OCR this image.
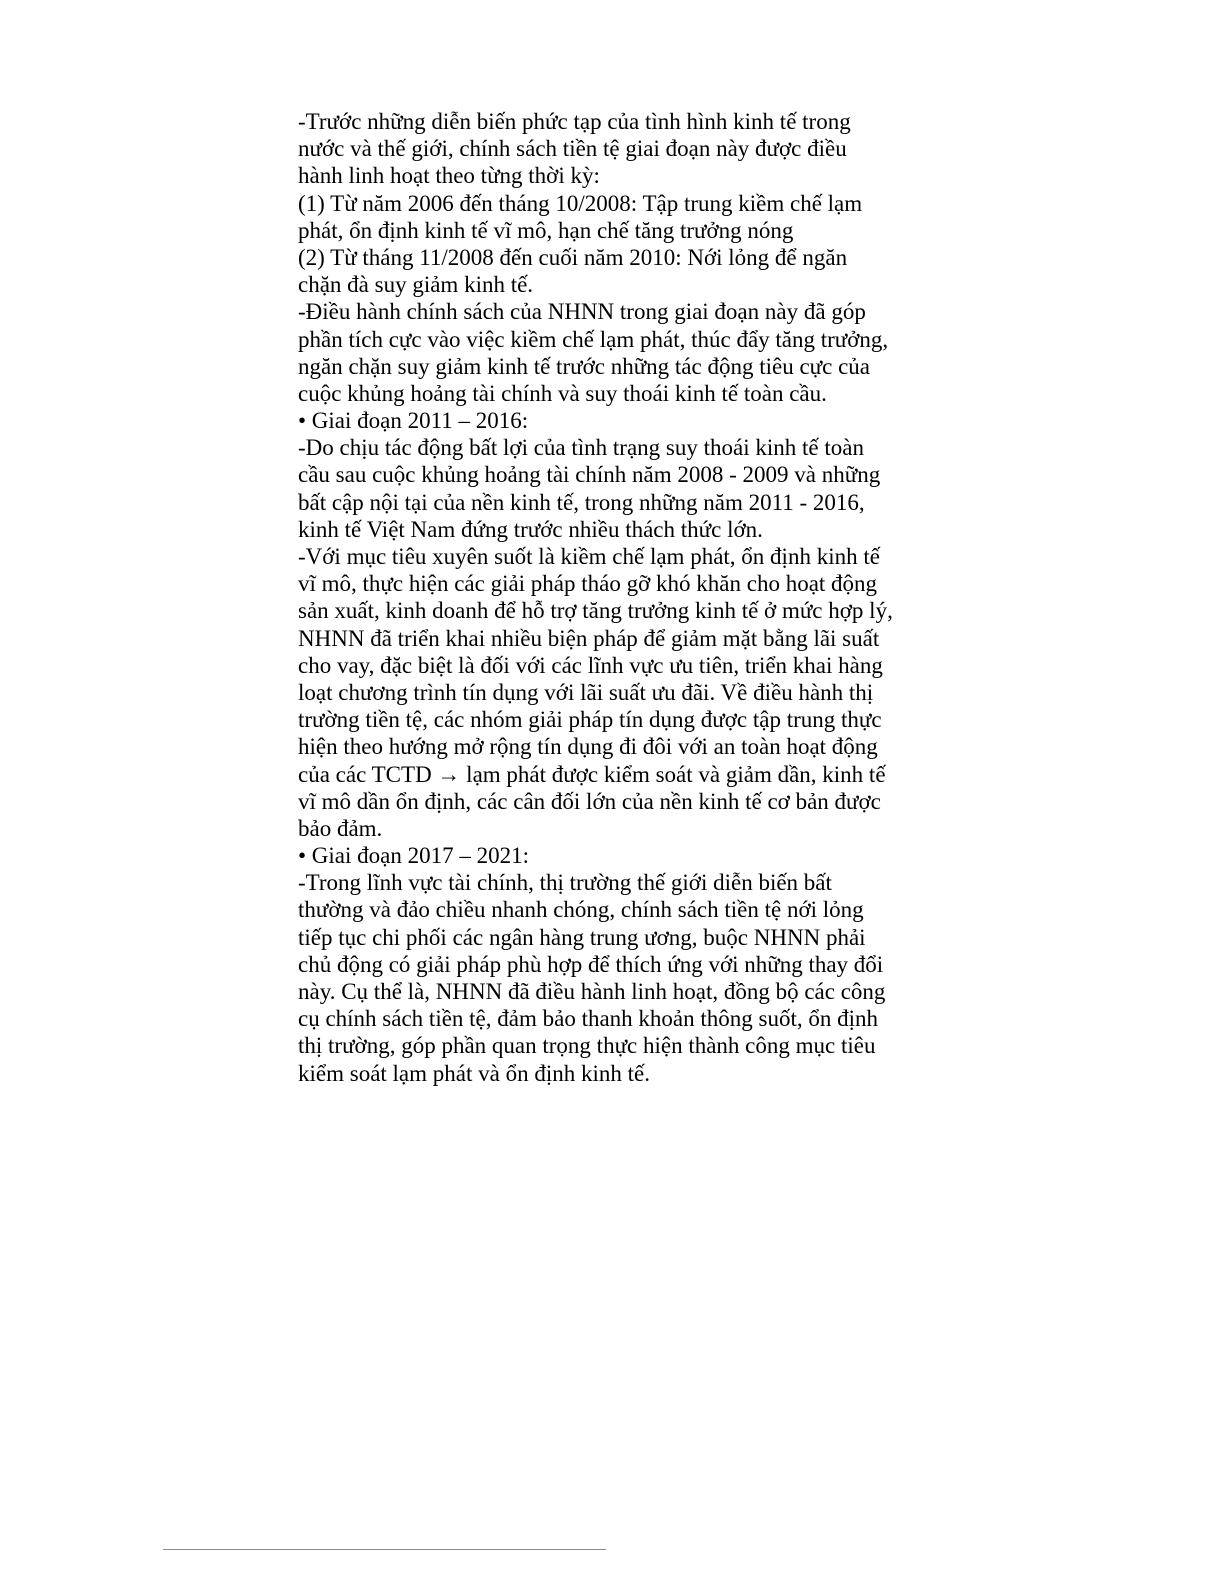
-Trước những diễn biến phức tạp của tình hình kinh tế trong
nước và thế giới, chính sách tiền tệ giai đoạn này được điều
hành linh hoạt theo từng thời kỳ:
(1) Từ năm 2006 đến tháng 10/2008: Tập trung kiềm chế lạm
phát, ổn định kinh tế vĩ mô, hạn chế tăng trưởng nóng
(2) Từ tháng 11/2008 đến cuối năm 2010: Nới lỏng để ngăn
chặn đà suy giảm kinh tế.
-Điều hành chính sách của NHNN trong giai đoạn này đã góp
phần tích cực vào việc kiềm chế lạm phát, thúc đẩy tăng trưởng,
ngăn chặn suy giảm kinh tế trước những tác động tiêu cực của
cuộc khủng hoảng tài chính và suy thoái kinh tế toàn cầu.
• Giai đoạn 2011 – 2016:
-Do chịu tác động bất lợi của tình trạng suy thoái kinh tế toàn
cầu sau cuộc khủng hoảng tài chính năm 2008 - 2009 và những
bất cập nội tại của nền kinh tế, trong những năm 2011 - 2016,
kinh tế Việt Nam đứng trước nhiều thách thức lớn.
-Với mục tiêu xuyên suốt là kiềm chế lạm phát, ổn định kinh tế
vĩ mô, thực hiện các giải pháp tháo gỡ khó khăn cho hoạt động
sản xuất, kinh doanh để hỗ trợ tăng trưởng kinh tế ở mức hợp lý,
NHNN đã triển khai nhiều biện pháp để giảm mặt bằng lãi suất
cho vay, đặc biệt là đối với các lĩnh vực ưu tiên, triển khai hàng
loạt chương trình tín dụng với lãi suất ưu đãi. Về điều hành thị
trường tiền tệ, các nhóm giải pháp tín dụng được tập trung thực
hiện theo hướng mở rộng tín dụng đi đôi với an toàn hoạt động
của các TCTD → lạm phát được kiểm soát và giảm dần, kinh tế
vĩ mô dần ổn định, các cân đối lớn của nền kinh tế cơ bản được
bảo đảm.
• Giai đoạn 2017 – 2021:
-Trong lĩnh vực tài chính, thị trường thế giới diễn biến bất
thường và đảo chiều nhanh chóng, chính sách tiền tệ nới lỏng
tiếp tục chi phối các ngân hàng trung ương, buộc NHNN phải
chủ động có giải pháp phù hợp để thích ứng với những thay đổi
này. Cụ thể là, NHNN đã điều hành linh hoạt, đồng bộ các công
cụ chính sách tiền tệ, đảm bảo thanh khoản thông suốt, ổn định
thị trường, góp phần quan trọng thực hiện thành công mục tiêu
kiểm soát lạm phát và ổn định kinh tế.
